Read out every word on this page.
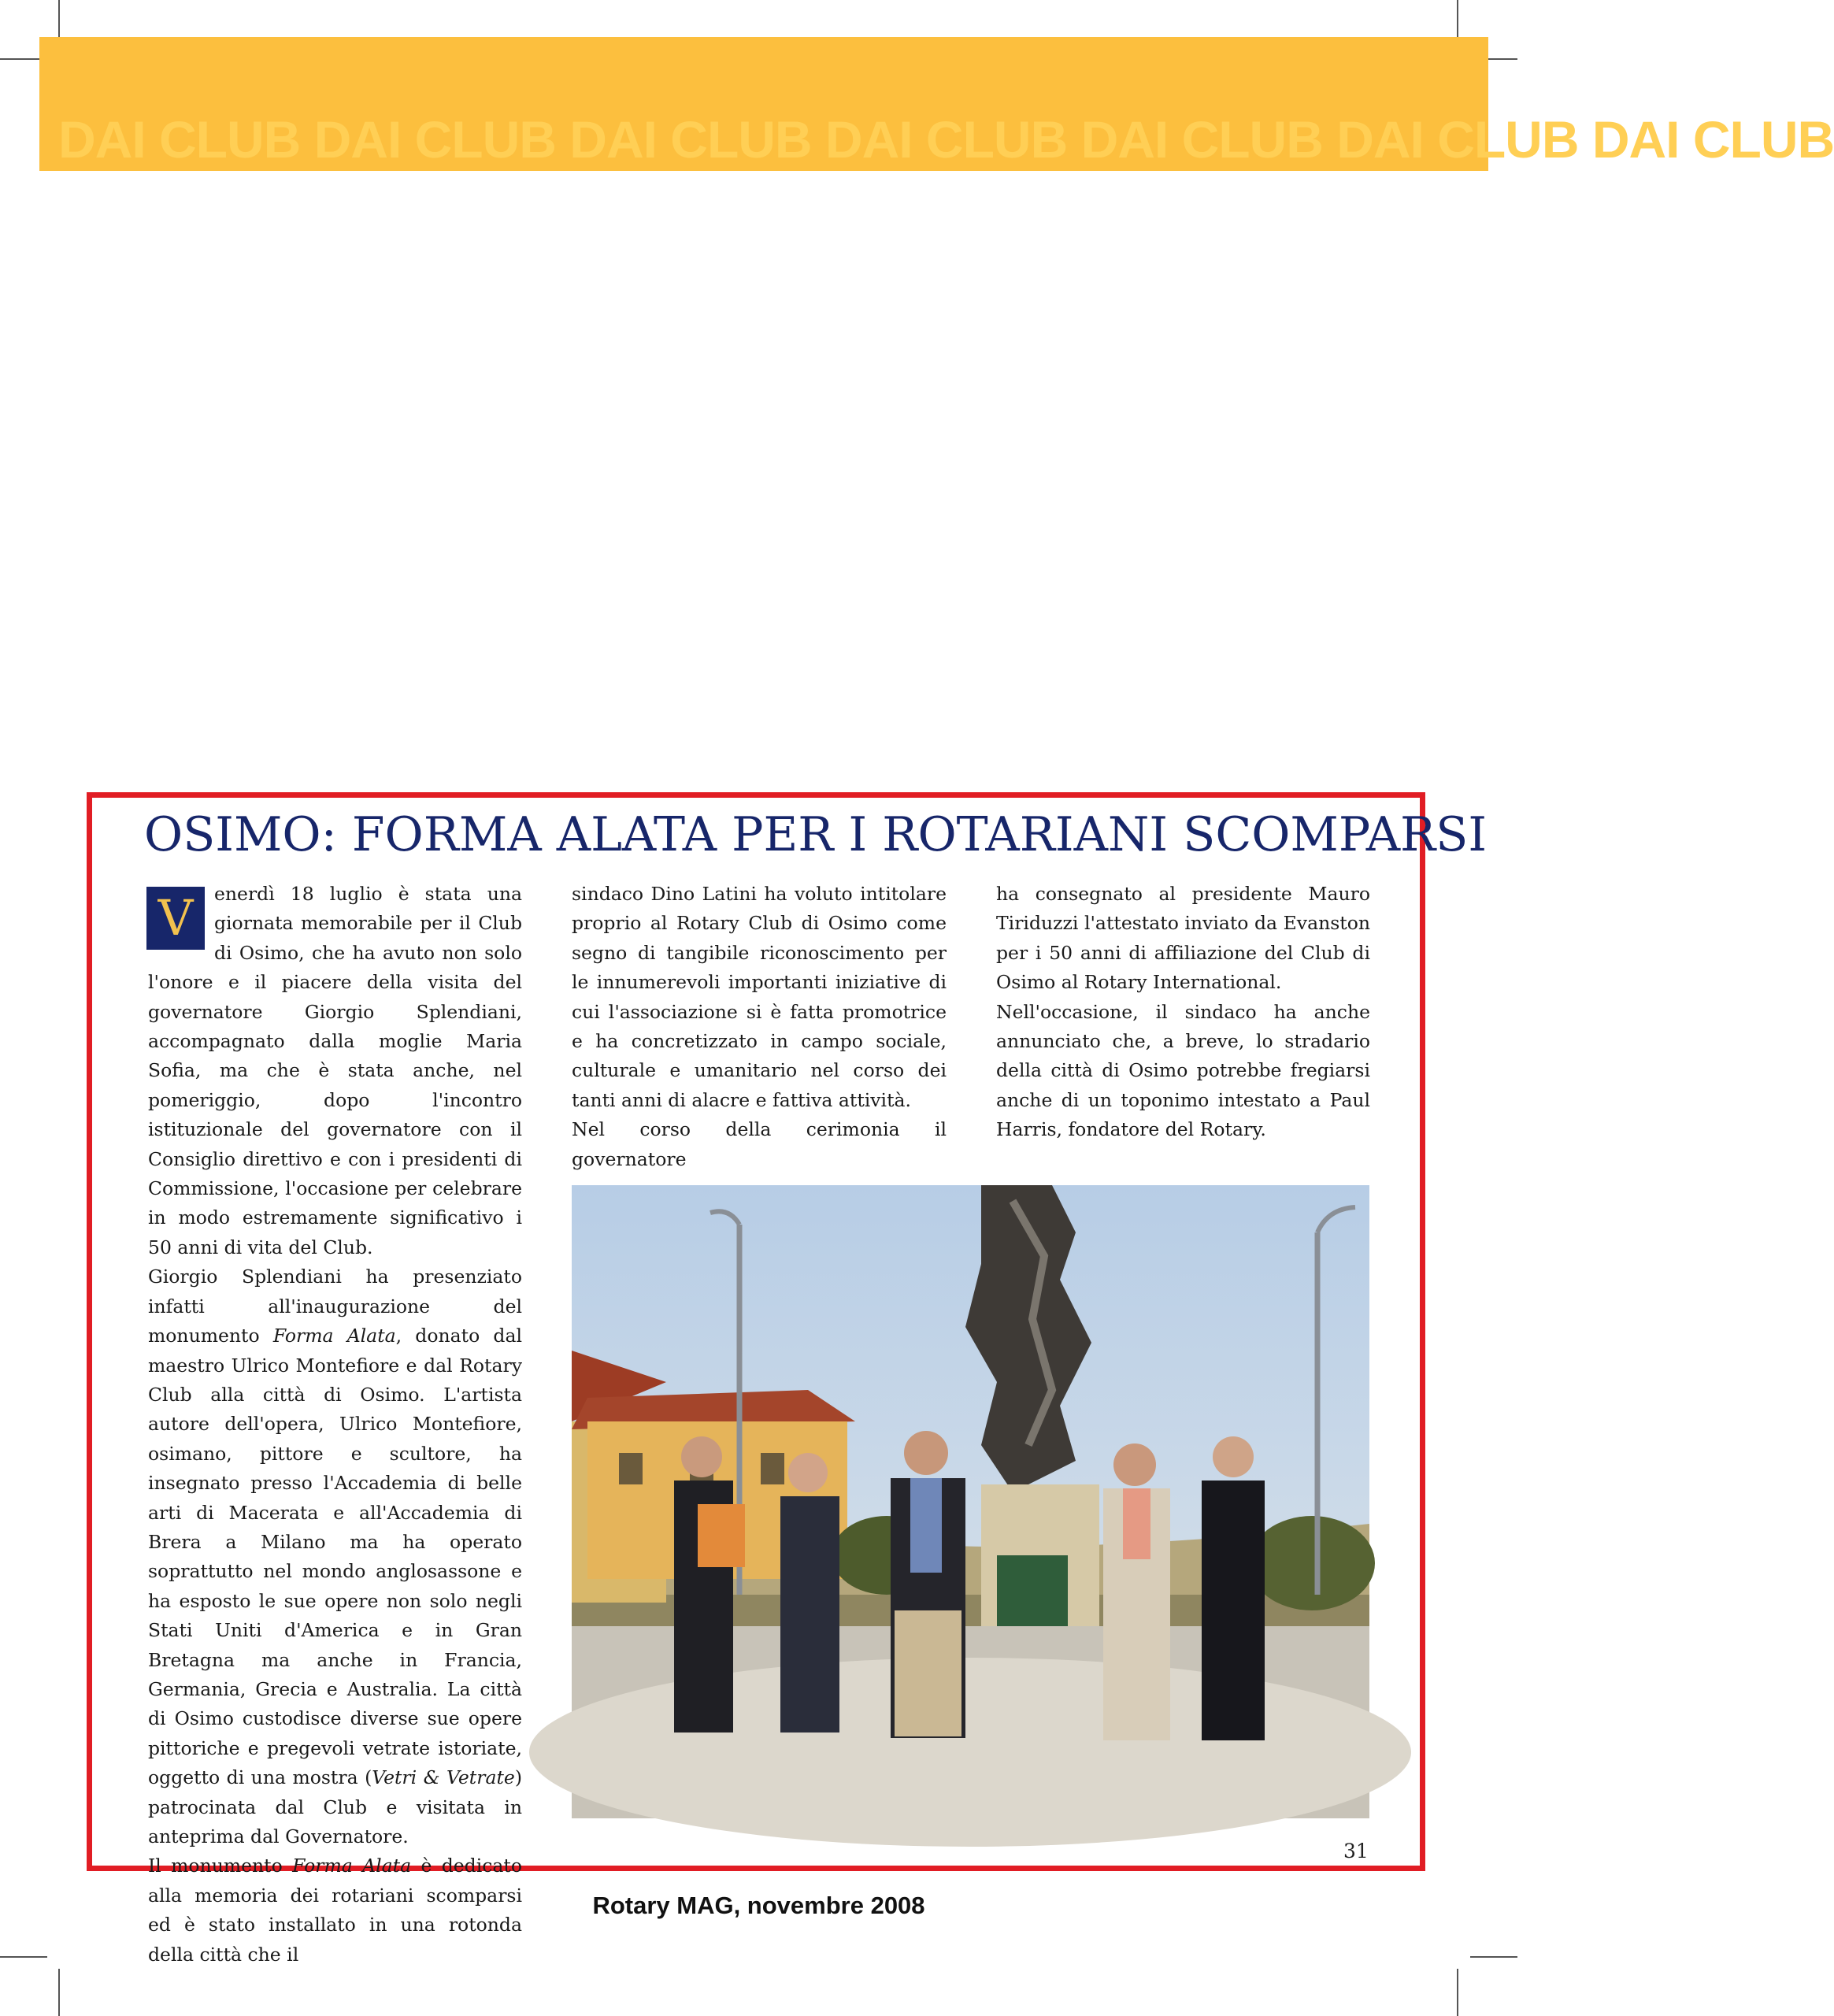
DAI CLUB DAI CLUB DAI CLUB DAI CLUB DAI CLUB DAI CLUB DAI CLUB
OSIMO: FORMA ALATA PER I ROTARIANI SCOMPARSI

V	enerdì 18 luglio è stata una giornata memorabile per il Club di Osimo, che ha avuto non solo l'onore e il piacere della visita del governatore Giorgio Splendiani, accompagnato dalla moglie Maria Sofia, ma che è stata anche, nel pomeriggio, dopo l'incontro istituzionale del governatore con il Consiglio direttivo e con i presidenti di Commissione, l'occasione per celebrare in modo estremamente significativo i 50 anni di vita del Club.

Giorgio Splendiani ha presenziato infatti all'inaugurazione del monumento Forma Alata, donato dal maestro Ulrico Montefiore e dal Rotary Club alla città di Osimo. L'artista autore dell'opera, Ulrico Montefiore, osimano, pittore e scultore, ha insegnato presso l'Accademia di belle arti di Macerata e all'Accademia di Brera a Milano ma ha operato soprattutto nel mondo anglosassone e ha esposto le sue opere non solo negli Stati Uniti d'America e in Gran Bretagna ma anche in Francia, Germania, Grecia e Australia. La città di Osimo custodisce diverse sue opere pittoriche e pregevoli vetrate istoriate, oggetto di una mostra (Vetri & Vetrate) patrocinata dal Club e visitata in anteprima dal Governatore.

Il monumento Forma Alata è dedicato alla memoria dei rotariani scomparsi ed è stato installato in una rotonda della città che il

sindaco Dino Latini ha voluto intitolare proprio al Rotary Club di Osimo come segno di tangibile riconoscimento per le innumerevoli importanti iniziative di cui l'associazione si è fatta promotrice e ha concretizzato in campo sociale, culturale e umanitario nel corso dei tanti anni di alacre e fattiva attività.

Nel corso della cerimonia il governatore

ha consegnato al presidente Mauro Tiriduzzi l'attestato inviato da Evanston per i 50 anni di affiliazione del Club di Osimo al Rotary International.

Nell'occasione, il sindaco ha anche annunciato che, a breve, lo stradario della città di Osimo potrebbe fregiarsi anche di un toponimo intestato a Paul Harris, fondatore del Rotary.

31
Rotary MAG, novembre 2008
